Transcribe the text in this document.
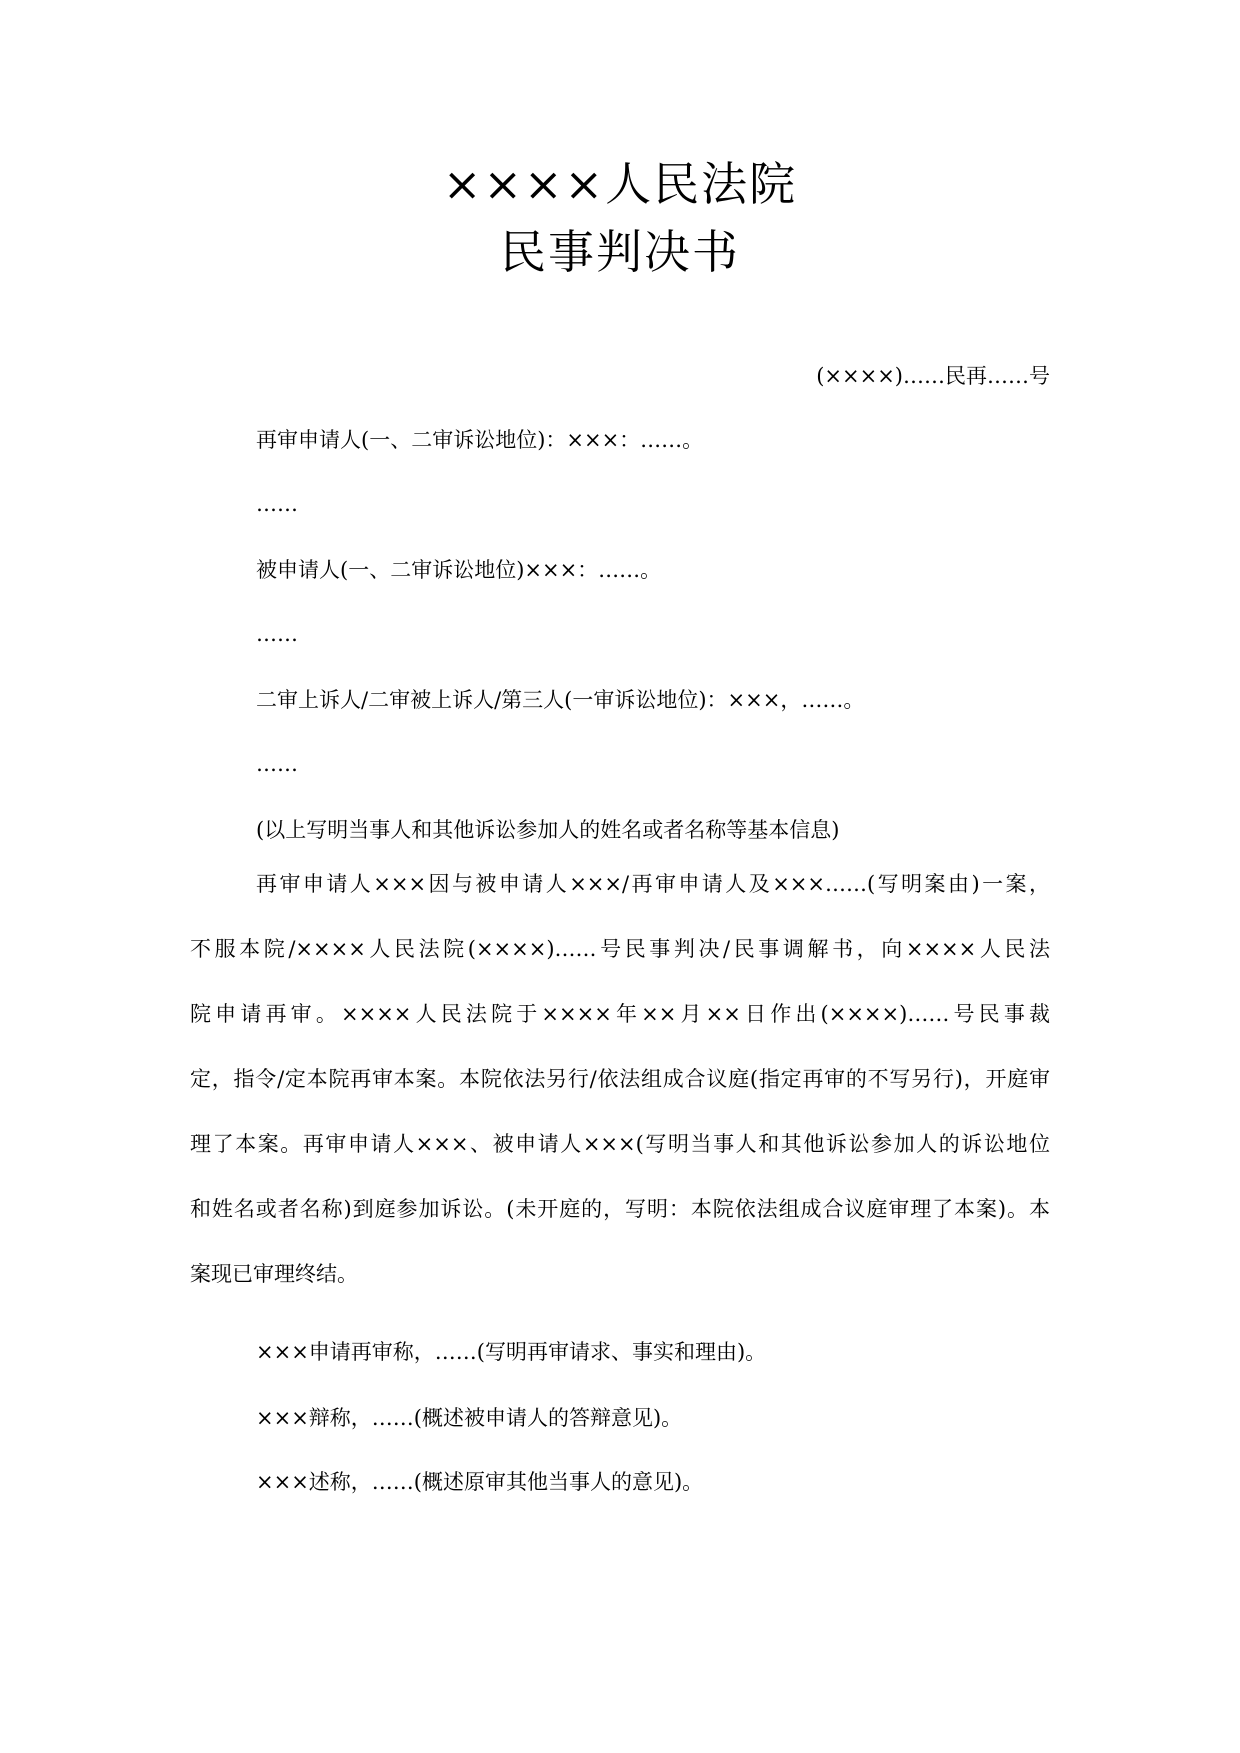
××××人民法院
民事判决书
(××××)……民再……号
再审申请人(一、二审诉讼地位)：×××：……。
……
被申请人(一、二审诉讼地位)×××：……。
……
二审上诉人/二审被上诉人/第三人(一审诉讼地位)：×××，……。
……
(以上写明当事人和其他诉讼参加人的姓名或者名称等基本信息)
再审申请人×××因与被申请人×××/再审申请人及×××……(写明案由)一案，
不服本院/××××人民法院(××××)……号民事判决/民事调解书，向××××人民法
院申请再审。××××人民法院于××××年××月××日作出(××××)……号民事裁
定，指令/定本院再审本案。本院依法另行/依法组成合议庭(指定再审的不写另行)，开庭审
理了本案。再审申请人×××、被申请人×××(写明当事人和其他诉讼参加人的诉讼地位
和姓名或者名称)到庭参加诉讼。(未开庭的，写明：本院依法组成合议庭审理了本案)。本
案现已审理终结。
×××申请再审称，……(写明再审请求、事实和理由)。
×××辩称，……(概述被申请人的答辩意见)。
×××述称，……(概述原审其他当事人的意见)。
